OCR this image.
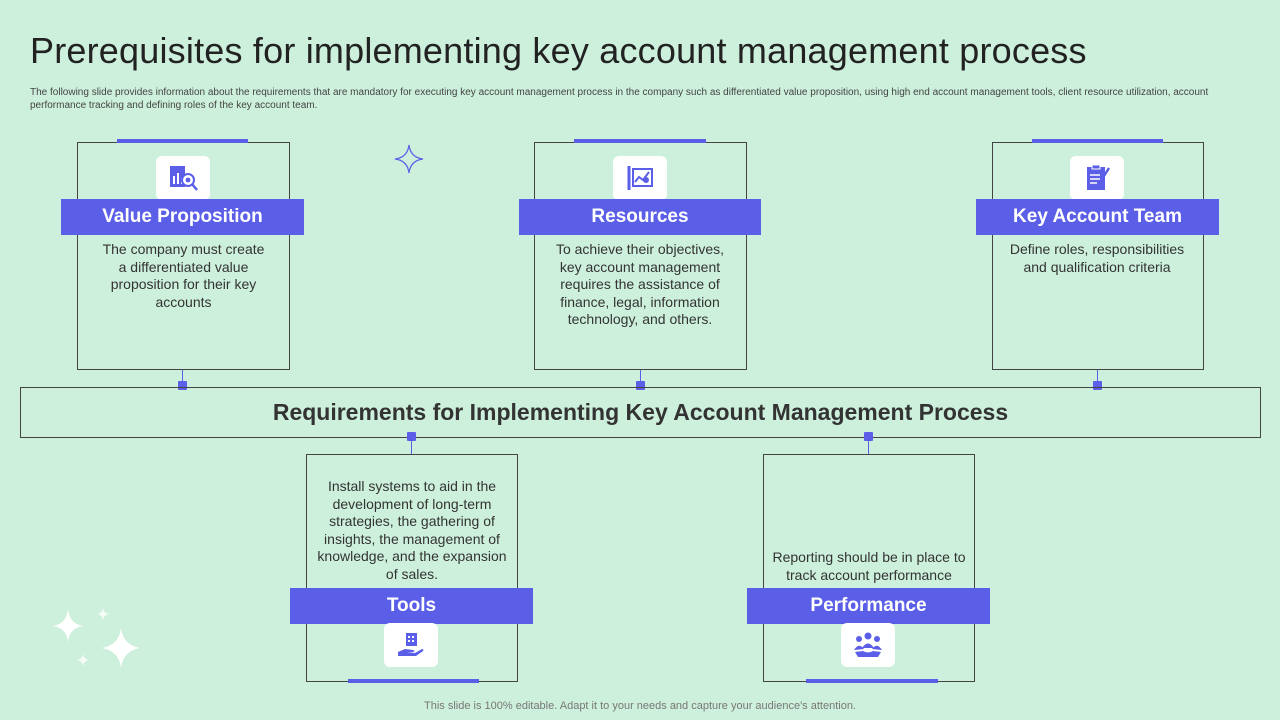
Prerequisites for implementing key account management process
The following slide provides information about the requirements that are mandatory for executing key account management process in the company such as differentiated value proposition, using high end account management tools, client resource utilization, account performance tracking and defining roles of the key account team.
Value Proposition
The company must create a differentiated value proposition for their key accounts
Resources
To achieve their objectives, key account management requires the assistance of finance, legal, information technology, and others.
Key Account Team
Define roles, responsibilities and qualification criteria
Requirements for Implementing Key Account Management Process
Install systems to aid in the development of long-term strategies, the gathering of insights, the management of knowledge, and the expansion of sales.
Tools
Reporting should be in place to track account performance
Performance
This slide is 100% editable. Adapt it to your needs and capture your audience's attention.
